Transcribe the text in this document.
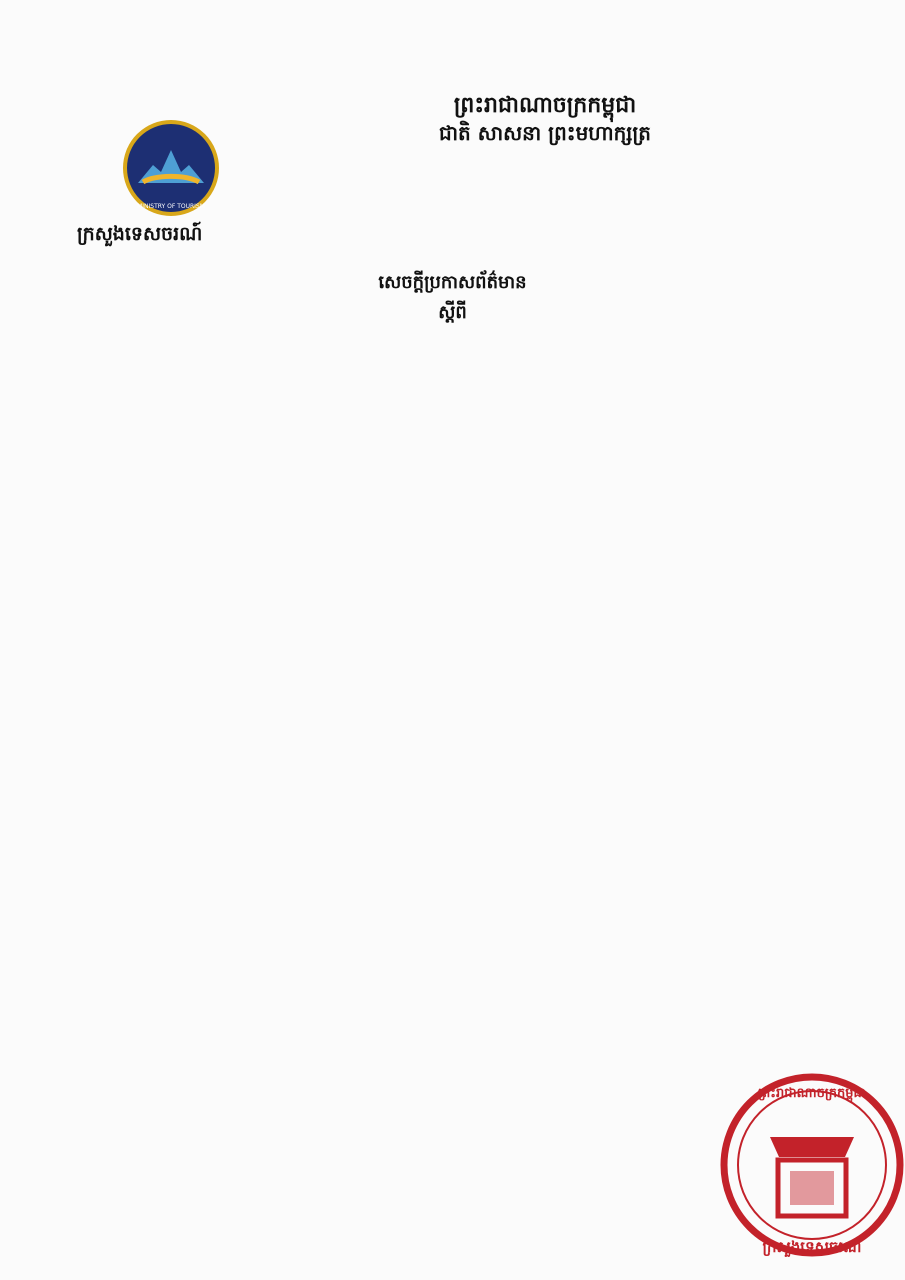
ព្រះរាជាណាចក្រកម្ពុជា
ជាតិ សាសនា ព្រះមហាក្សត្រ
MINISTRY OF TOURISM
ក្រសួងទេសចរណ៍
សេចក្តីប្រកាសព័ត៌មាន
ស្តីពី

ព្រះរាជាណាចក្រកម្ពុជា
ក្រសួងទេសចរណ៍
